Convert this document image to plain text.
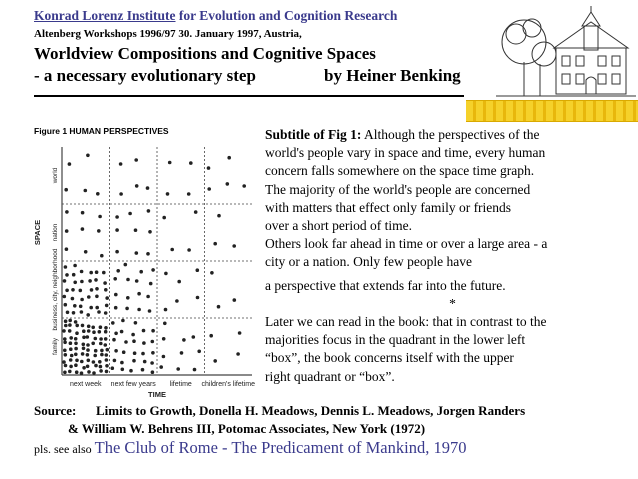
Konrad Lorenz Institute for Evolution and Cognition Research
Altenberg Workshops 1996/97 30. January 1997, Austria,
Worldview Compositions and Cognitive Spaces
- a necessary evolutionary step	by Heiner Benking
Figure 1 HUMAN PERSPECTIVES
next week next few years lifetime children's lifetime
TIME
family
business, city, neighborhood
nation
world
SPACE
Subtitle of Fig 1: Although the perspectives of the
world's people vary in space and time, every human
concern falls somewhere on the space time graph.
The majority of the world's people are concerned
with matters that effect only family or friends
over a short period of time.
Others look far ahead in time or over a large area - a
city or a nation. Only few people have
a perspective that extends far into the future.
*
Later we can read in the book: that in contrast to the
majorities focus in the quadrant in the lower left
“box”, the book concerns itself with the upper
right quadrant or “box”.
Source: Limits to Growth, Donella H. Meadows, Dennis L. Meadows, Jorgen Randers
& William W. Behrens III, Potomac Associates, New York (1972)
pls. see also The Club of Rome - The Predicament of Mankind, 1970
